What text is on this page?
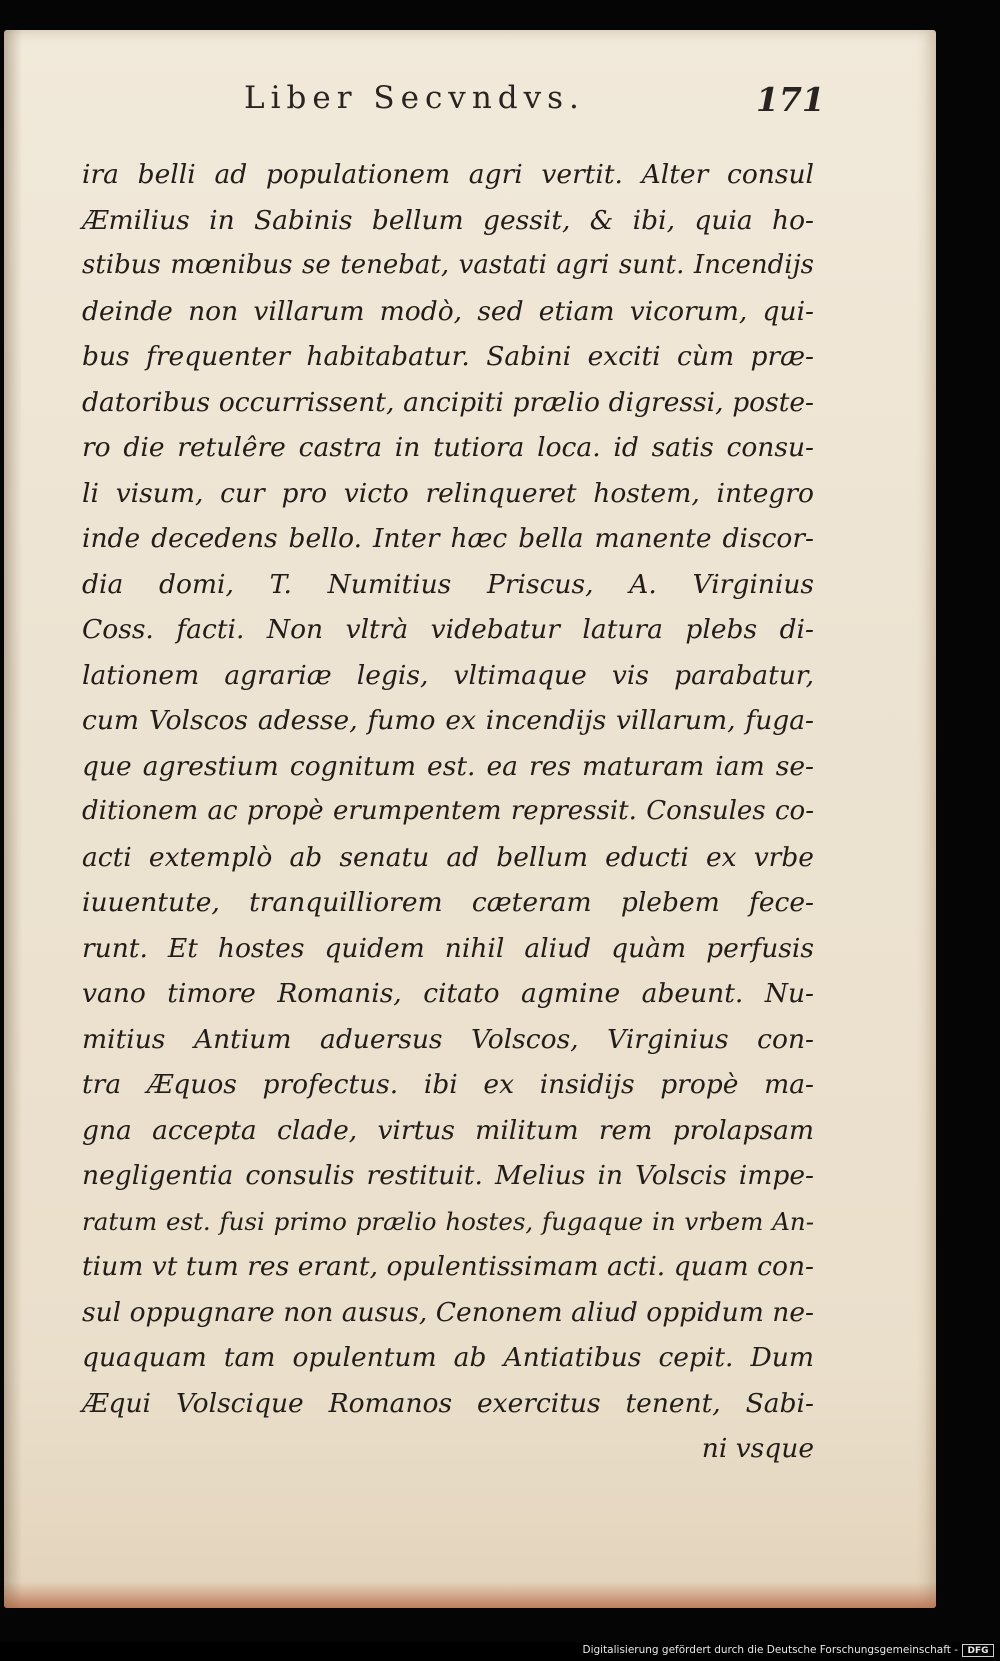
Liber Secvndvs.	171
ira belli ad populationem agri vertit. Alter consul
Æmilius in Sabinis bellum gessit, & ibi, quia ho-
stibus mœnibus se tenebat, vastati agri sunt. Incendijs
deinde non villarum modò, sed etiam vicorum, qui-
bus frequenter habitabatur. Sabini exciti cùm præ-
datoribus occurrissent, ancipiti prælio digressi, poste-
ro die retulêre castra in tutiora loca. id satis consu-
li visum, cur pro victo relinqueret hostem, integro
inde decedens bello. Inter hæc bella manente discor-
dia domi, T. Numitius Priscus, A. Virginius
Coss. facti. Non vltrà videbatur latura plebs di-
lationem agrariæ legis, vltimaque vis parabatur,
cum Volscos adesse, fumo ex incendijs villarum, fuga-
que agrestium cognitum est. ea res maturam iam se-
ditionem ac propè erumpentem repressit. Consules co-
acti extemplò ab senatu ad bellum educti ex vrbe
iuuentute, tranquilliorem cæteram plebem fece-
runt. Et hostes quidem nihil aliud quàm perfusis
vano timore Romanis, citato agmine abeunt. Nu-
mitius Antium aduersus Volscos, Virginius con-
tra Æquos profectus. ibi ex insidijs propè ma-
gna accepta clade, virtus militum rem prolapsam
negligentia consulis restituit. Melius in Volscis impe-
ratum est. fusi primo prælio hostes, fugaque in vrbem An-
tium vt tum res erant, opulentissimam acti. quam con-
sul oppugnare non ausus, Cenonem aliud oppidum ne-
quaquam tam opulentum ab Antiatibus cepit. Dum
Æqui Volscique Romanos exercitus tenent, Sabi-
ni vsque
Digitalisierung gefördert durch die Deutsche Forschungsgemeinschaft -	DFG
